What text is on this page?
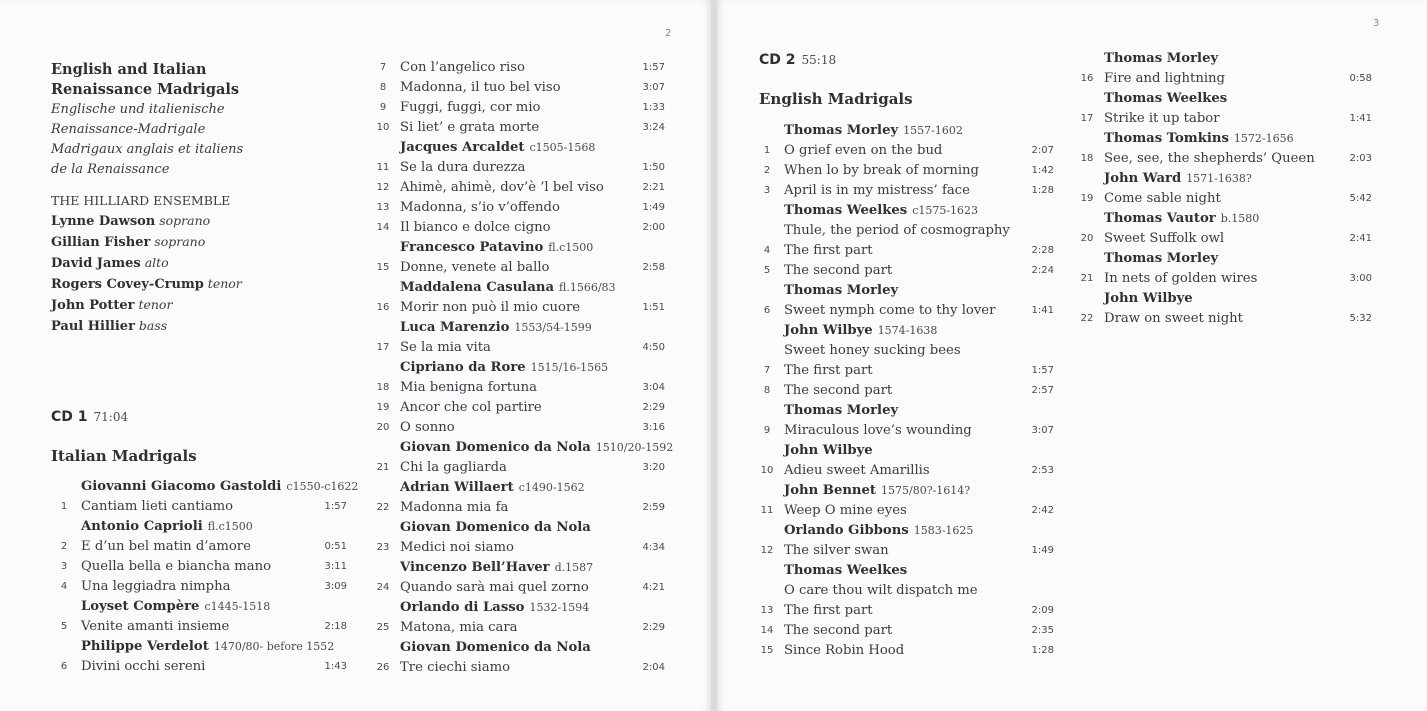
2
English and Italian
Renaissance Madrigals
Englische und italienische
Renaissance-Madrigale
Madrigaux anglais et italiens
de la Renaissance
THE HILLIARD ENSEMBLE
Lynne Dawson soprano
Gillian Fisher soprano
David James alto
Rogers Covey-Crump tenor
John Potter tenor
Paul Hillier bass
CD 1 71:04
Italian Madrigals
Giovanni Giacomo Gastoldi c1550-c1622
1	Cantiam lieti cantiamo	1:57
Antonio Caprioli fl.c1500
2	E d’un bel matin d’amore	0:51
3	Quella bella e biancha mano	3:11
4	Una leggiadra nimpha	3:09
Loyset Compère c1445-1518
5	Venite amanti insieme	2:18
Philippe Verdelot 1470/80- before 1552
6	Divini occhi sereni	1:43
7	Con l’angelico riso	1:57
8	Madonna, il tuo bel viso	3:07
9	Fuggi, fuggi, cor mio	1:33
10 Si liet’ e grata morte	3:24
Jacques Arcaldet c1505-1568
11 Se la dura durezza	1:50
12 Ahimè, ahimè, dov’è ’l bel viso	2:21
13 Madonna, s’io v’offendo	1:49
14 Il bianco e dolce cigno	2:00
Francesco Patavino fl.c1500
15 Donne, venete al ballo	2:58
Maddalena Casulana fl.1566/83
16 Morir non può il mio cuore	1:51
Luca Marenzio 1553/54-1599
17 Se la mia vita	4:50
Cipriano da Rore 1515/16-1565
18 Mia benigna fortuna	3:04
19 Ancor che col partire	2:29
20 O sonno	3:16
Giovan Domenico da Nola 1510/20-1592
21 Chi la gagliarda	3:20
Adrian Willaert c1490-1562
22 Madonna mia fa	2:59
Giovan Domenico da Nola
23 Medici noi siamo	4:34
Vincenzo Bell’Haver d.1587
24 Quando sarà mai quel zorno	4:21
Orlando di Lasso 1532-1594
25 Matona, mia cara	2:29
Giovan Domenico da Nola
26 Tre ciechi siamo	2:04
3
CD 2 55:18
English Madrigals
Thomas Morley 1557-1602
1	O grief even on the bud	2:07
2	When lo by break of morning	1:42
3	April is in my mistress’ face	1:28
Thomas Weelkes c1575-1623
Thule, the period of cosmography
4	The first part	2:28
5	The second part	2:24
Thomas Morley
6	Sweet nymph come to thy lover	1:41
John Wilbye 1574-1638
Sweet honey sucking bees
7	The first part	1:57
8	The second part	2:57
Thomas Morley
9	Miraculous love’s wounding	3:07
John Wilbye
10 Adieu sweet Amarillis	2:53
John Bennet 1575/80?-1614?
11 Weep O mine eyes	2:42
Orlando Gibbons 1583-1625
12 The silver swan	1:49
Thomas Weelkes
O care thou wilt dispatch me
13 The first part	2:09
14 The second part	2:35
15 Since Robin Hood	1:28
Thomas Morley
16 Fire and lightning	0:58
Thomas Weelkes
17 Strike it up tabor	1:41
Thomas Tomkins 1572-1656
18 See, see, the shepherds’ Queen	2:03
John Ward 1571-1638?
19 Come sable night	5:42
Thomas Vautor b.1580
20 Sweet Suffolk owl	2:41
Thomas Morley
21 In nets of golden wires	3:00
John Wilbye
22 Draw on sweet night	5:32
